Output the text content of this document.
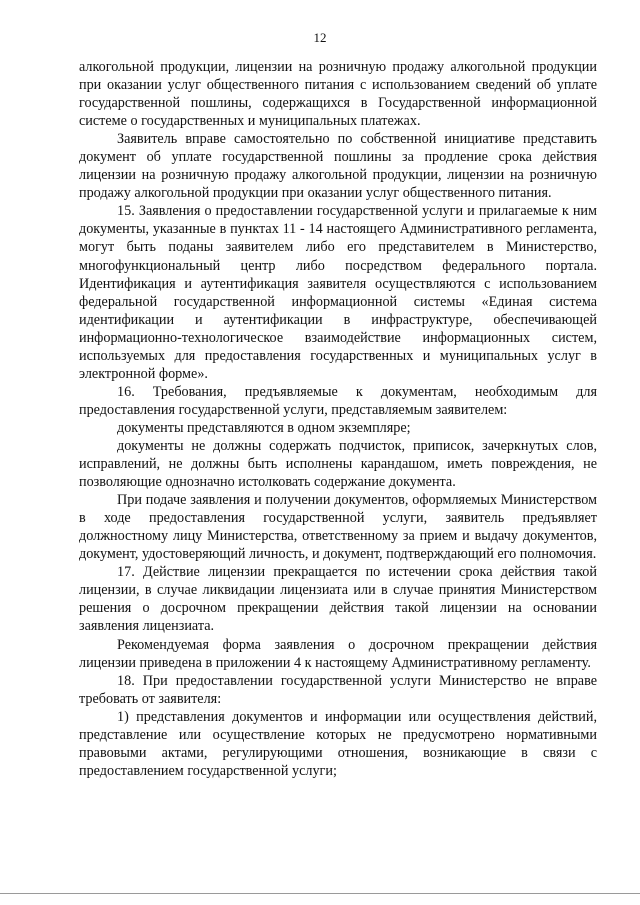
12

алкогольной продукции, лицензии на розничную продажу алкогольной продукции при оказании услуг общественного питания с использованием сведений об уплате государственной пошлины, содержащихся в Государственной информационной системе о государственных и муниципальных платежах.

Заявитель вправе самостоятельно по собственной инициативе представить документ об уплате государственной пошлины за продление срока действия лицензии на розничную продажу алкогольной продукции, лицензии на розничную продажу алкогольной продукции при оказании услуг общественного питания.

15. Заявления о предоставлении государственной услуги и прилагаемые к ним документы, указанные в пунктах 11 - 14 настоящего Административного регламента, могут быть поданы заявителем либо его представителем в Министерство, многофункциональный центр либо посредством федерального портала. Идентификация и аутентификация заявителя осуществляются с использованием федеральной государственной информационной системы «Единая система идентификации и аутентификации в инфраструктуре, обеспечивающей информационно-технологическое взаимодействие информационных систем, используемых для предоставления государственных и муниципальных услуг в электронной форме».

16. Требования, предъявляемые к документам, необходимым для предоставления государственной услуги, представляемым заявителем:

документы представляются в одном экземпляре;

документы не должны содержать подчисток, приписок, зачеркнутых слов, исправлений, не должны быть исполнены карандашом, иметь повреждения, не позволяющие однозначно истолковать содержание документа.

При подаче заявления и получении документов, оформляемых Министерством в ходе предоставления государственной услуги, заявитель предъявляет должностному лицу Министерства, ответственному за прием и выдачу документов, документ, удостоверяющий личность, и документ, подтверждающий его полномочия.

17. Действие лицензии прекращается по истечении срока действия такой лицензии, в случае ликвидации лицензиата или в случае принятия Министерством решения о досрочном прекращении действия такой лицензии на основании заявления лицензиата.

Рекомендуемая форма заявления о досрочном прекращении действия лицензии приведена в приложении 4 к настоящему Административному регламенту.

18. При предоставлении государственной услуги Министерство не вправе требовать от заявителя:

1) представления документов и информации или осуществления действий, представление или осуществление которых не предусмотрено нормативными правовыми актами, регулирующими отношения, возникающие в связи с предоставлением государственной услуги;
